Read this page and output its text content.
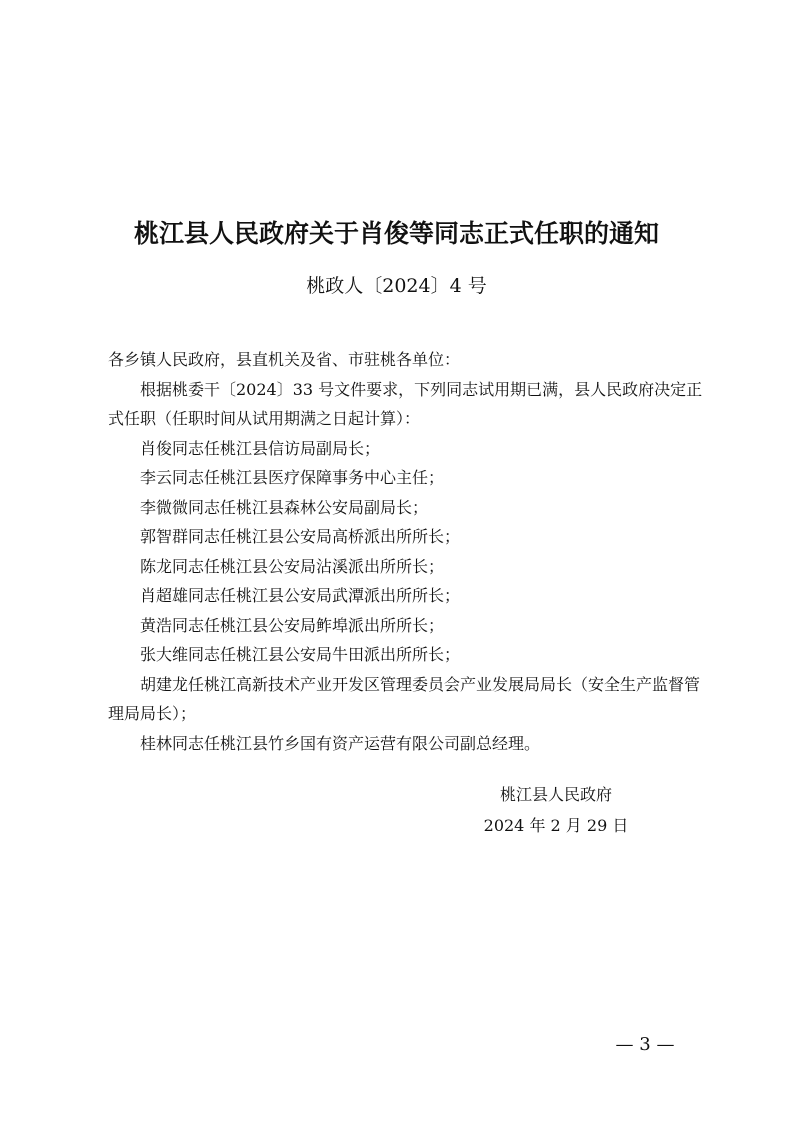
桃江县人民政府关于肖俊等同志正式任职的通知
桃政人〔2024〕4 号

各乡镇人民政府，县直机关及省、市驻桃各单位：

根据桃委干〔2024〕33 号文件要求，下列同志试用期已满，县人民政府决定正式任职（任职时间从试用期满之日起计算）：

肖俊同志任桃江县信访局副局长；
李云同志任桃江县医疗保障事务中心主任；
李微微同志任桃江县森林公安局副局长；
郭智群同志任桃江县公安局高桥派出所所长；
陈龙同志任桃江县公安局沾溪派出所所长；
肖超雄同志任桃江县公安局武潭派出所所长；
黄浩同志任桃江县公安局鲊埠派出所所长；
张大维同志任桃江县公安局牛田派出所所长；
胡建龙任桃江高新技术产业开发区管理委员会产业发展局局长（安全生产监督管理局局长）；
桂林同志任桃江县竹乡国有资产运营有限公司副总经理。
桃江县人民政府
2024 年 2 月 29 日
— 3 —
